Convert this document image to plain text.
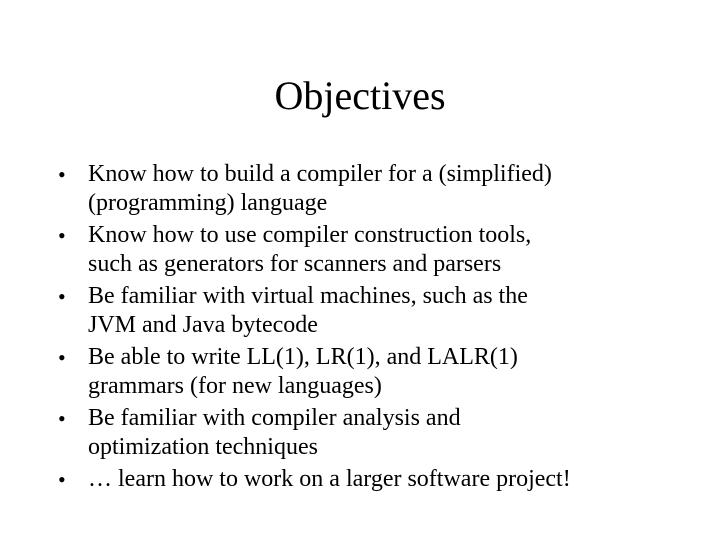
Objectives
• Know how to build a compiler for a (simplified)
(programming) language
• Know how to use compiler construction tools,
such as generators for scanners and parsers
• Be familiar with virtual machines, such as the
JVM and Java bytecode
• Be able to write LL(1), LR(1), and LALR(1)
grammars (for new languages)
• Be familiar with compiler analysis and
optimization techniques
• … learn how to work on a larger software project!
